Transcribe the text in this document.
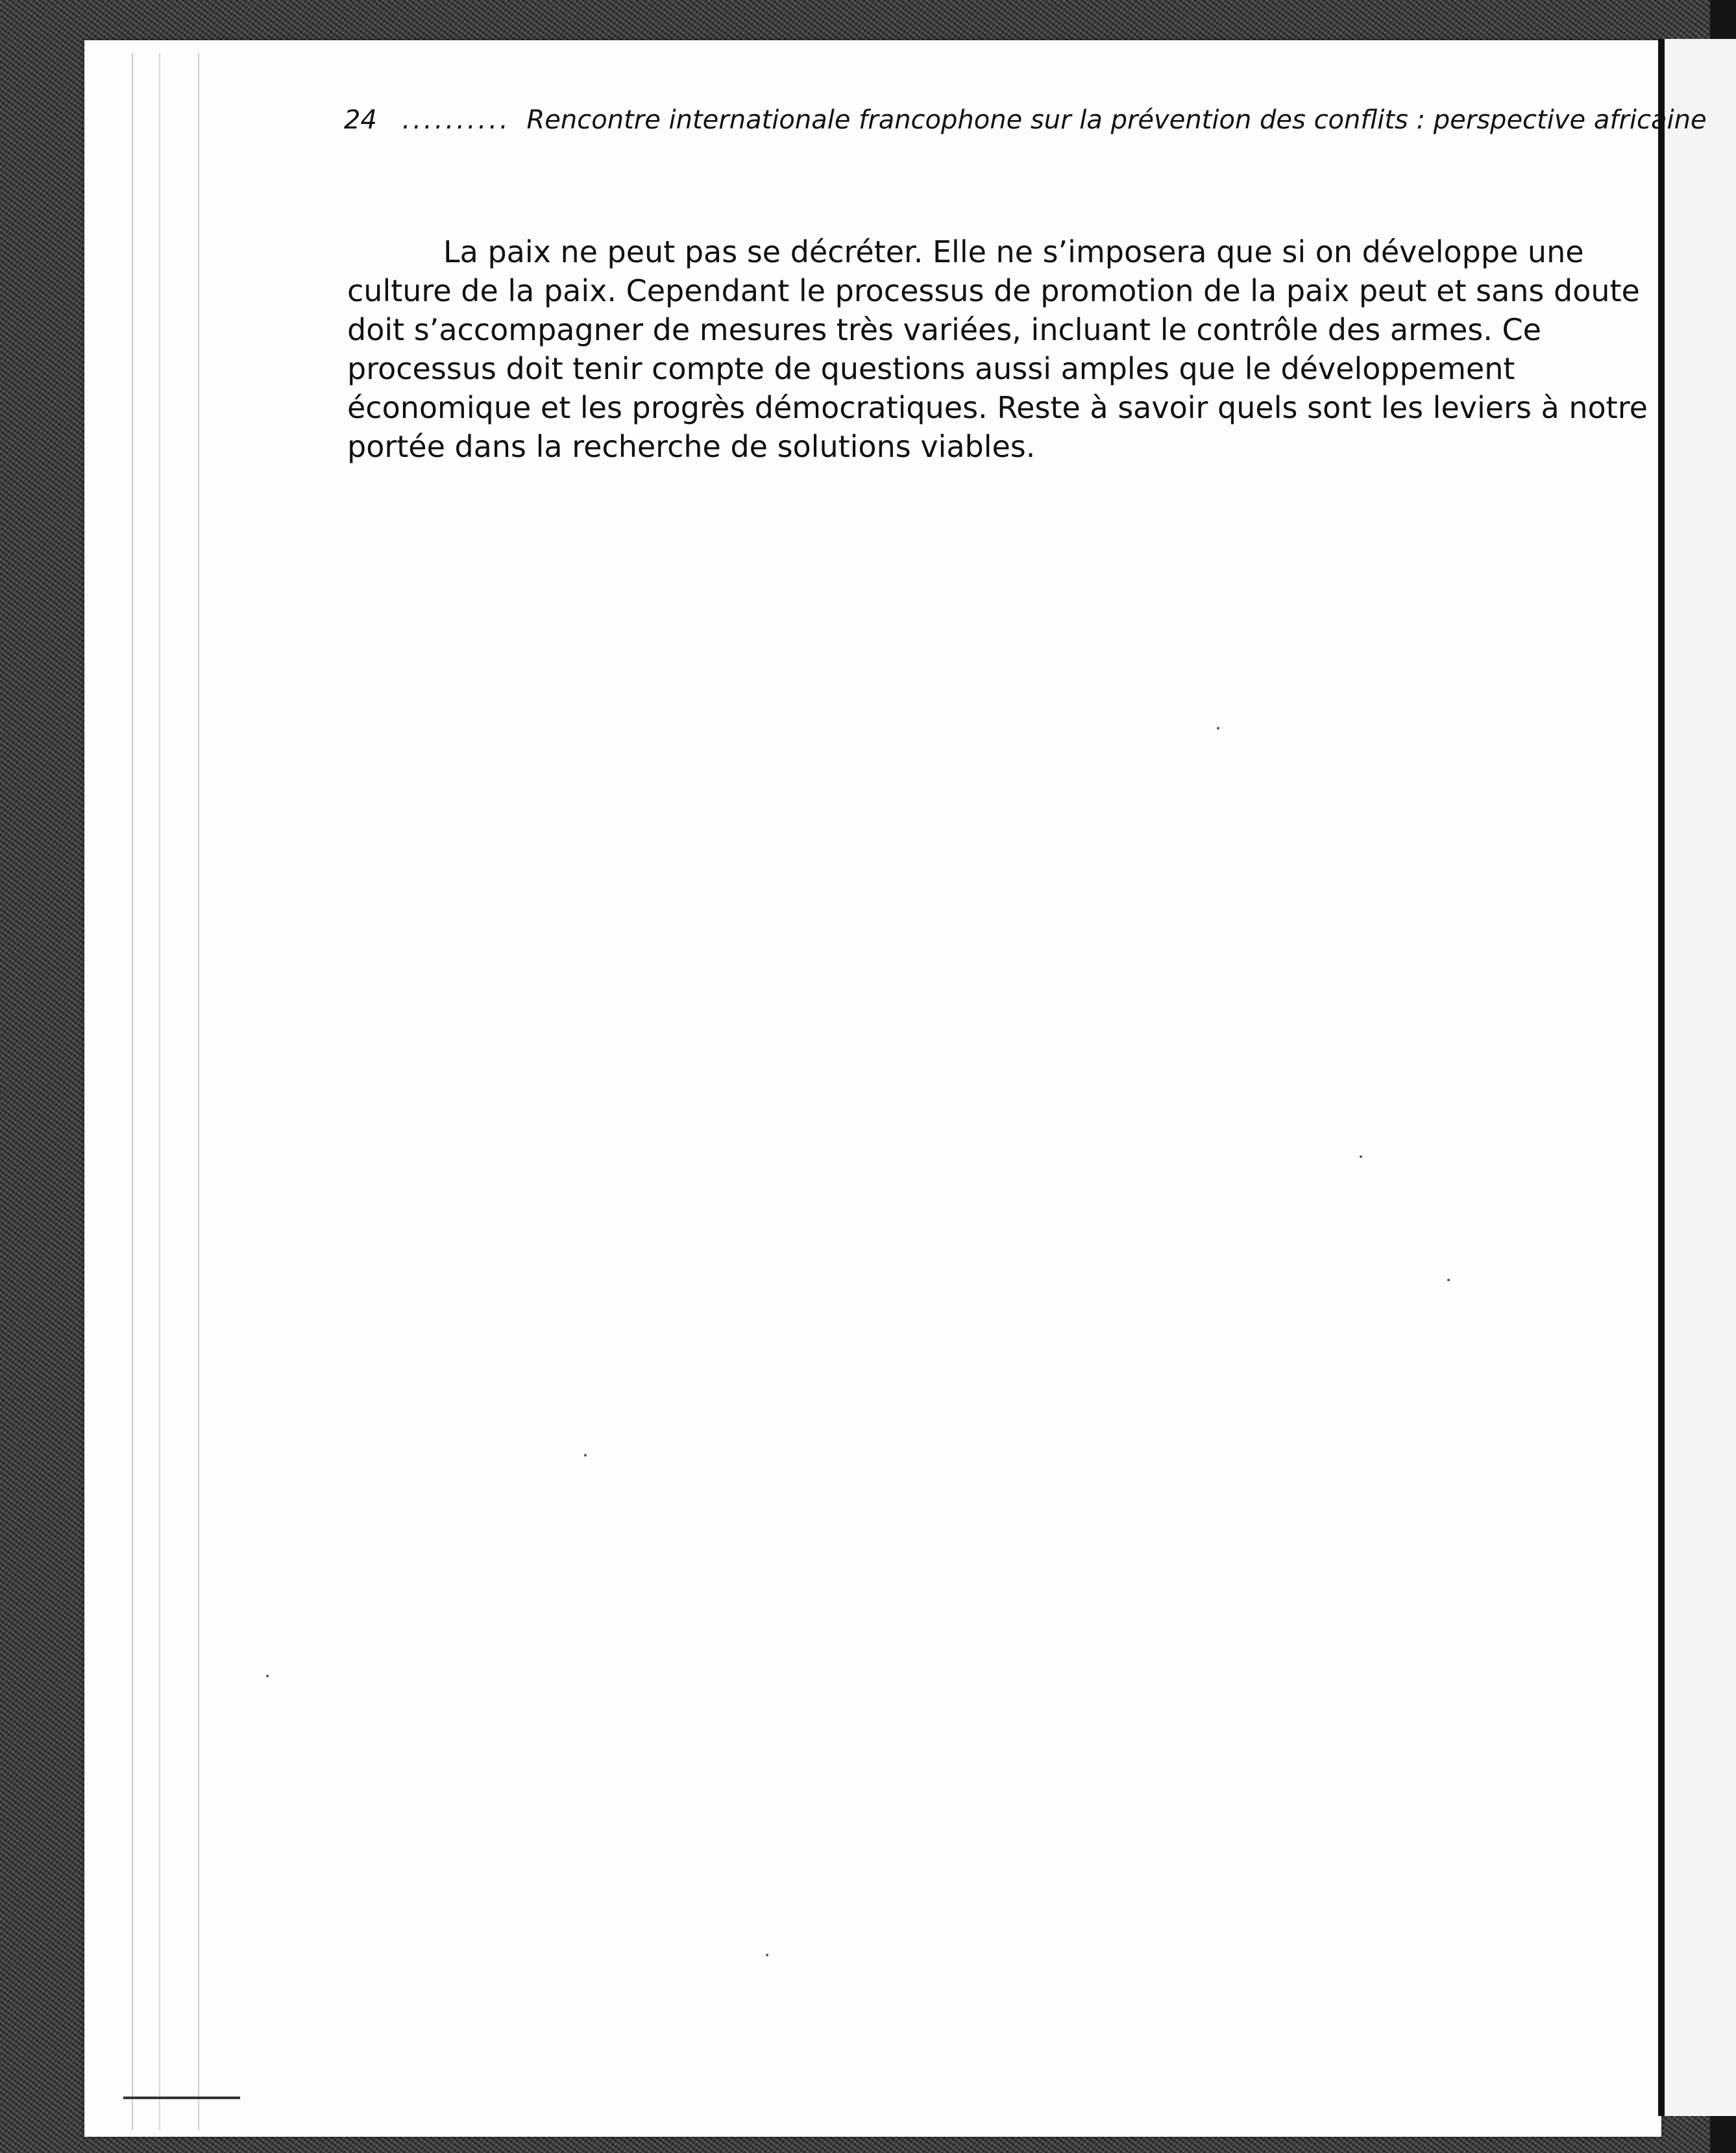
24 .......... Rencontre internationale francophone sur la prévention des conflits : perspective africaine
La paix ne peut pas se décréter. Elle ne s’imposera que si on développe une
culture de la paix. Cependant le processus de promotion de la paix peut et sans doute
doit s’accompagner de mesures très variées, incluant le contrôle des armes. Ce
processus doit tenir compte de questions aussi amples que le développement
économique et les progrès démocratiques. Reste à savoir quels sont les leviers à notre
portée dans la recherche de solutions viables.
